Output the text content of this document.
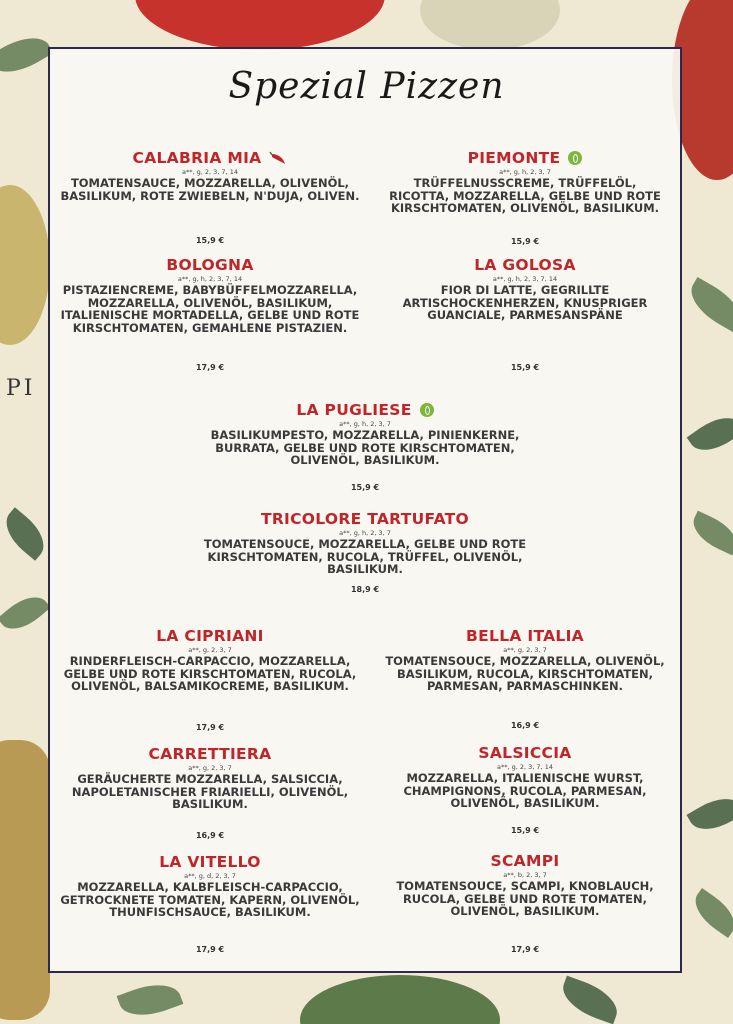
PI
Spezial Pizzen
CALABRIA MIA
a**, g, 2, 3, 7, 14
TOMATENSAUCE, MOZZARELLA, OLIVENÖL, BASILIKUM, ROTE ZWIEBELN, N'DUJA, OLIVEN.
15,9 €
PIEMONTE
a**, g, h, 2, 3, 7
TRÜFFELNUSSCREME, TRÜFFELÖL, RICOTTA, MOZZARELLA, GELBE UND ROTE KIRSCHTOMATEN, OLIVENÖL, BASILIKUM.
15,9 €
BOLOGNA
a**, g, h, 2, 3, 7, 14
PISTAZIENCREME, BABYBÜFFELMOZZARELLA, MOZZARELLA, OLIVENÖL, BASILIKUM, ITALIENISCHE MORTADELLA, GELBE UND ROTE KIRSCHTOMATEN, GEMAHLENE PISTAZIEN.
17,9 €
LA GOLOSA
a**, g, h, 2, 3, 7, 14
FIOR DI LATTE, GEGRILLTE ARTISCHOCKENHERZEN, KNUSPRIGER GUANCIALE, PARMESANSPÄNE
15,9 €
LA PUGLIESE
a**, g, h, 2, 3, 7
BASILIKUMPESTO, MOZZARELLA, PINIENKERNE, BURRATA, GELBE UND ROTE KIRSCHTOMATEN, OLIVENÖL, BASILIKUM.
15,9 €
TRICOLORE TARTUFATO
a**, g, h, 2, 3, 7
TOMATENSOUCE, MOZZARELLA, GELBE UND ROTE KIRSCHTOMATEN, RUCOLA, TRÜFFEL, OLIVENÖL, BASILIKUM.
18,9 €
LA CIPRIANI
a**, g, 2, 3, 7
RINDERFLEISCH-CARPACCIO, MOZZARELLA, GELBE UND ROTE KIRSCHTOMATEN, RUCOLA, OLIVENÖL, BALSAMIKOCREME, BASILIKUM.
17,9 €
BELLA ITALIA
a**, g, 2, 3, 7
TOMATENSOUCE, MOZZARELLA, OLIVENÖL, BASILIKUM, RUCOLA, KIRSCHTOMATEN, PARMESAN, PARMASCHINKEN.
16,9 €
CARRETTIERA
a**, g, 2, 3, 7
GERÄUCHERTE MOZZARELLA, SALSICCIA, NAPOLETANISCHER FRIARIELLI, OLIVENÖL, BASILIKUM.
16,9 €
SALSICCIA
a**, g, 2, 3, 7, 14
MOZZARELLA, ITALIENISCHE WURST, CHAMPIGNONS, RUCOLA, PARMESAN, OLIVENÖL, BASILIKUM.
15,9 €
LA VITELLO
a**, g, d, 2, 3, 7
MOZZARELLA, KALBFLEISCH-CARPACCIO, GETROCKNETE TOMATEN, KAPERN, OLIVENÖL, THUNFISCHSAUCE, BASILIKUM.
17,9 €
SCAMPI
a**, b, 2, 3, 7
TOMATENSOUCE, SCAMPI, KNOBLAUCH, RUCOLA, GELBE UND ROTE TOMATEN, OLIVENÖL, BASILIKUM.
17,9 €
